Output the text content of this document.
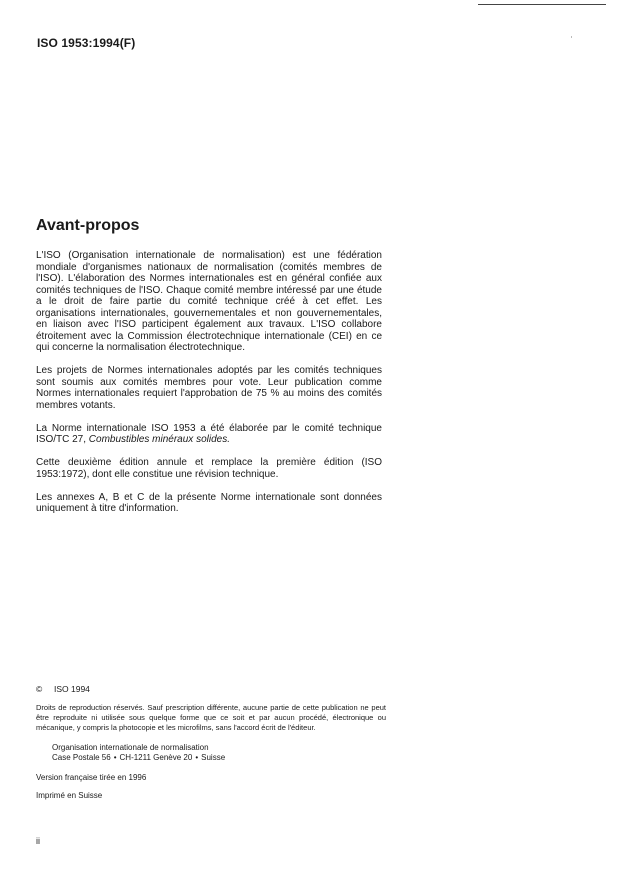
ISO 1953:1994(F)
Avant-propos

L'ISO (Organisation internationale de normalisation) est une fédération mondiale d'organismes nationaux de normalisation (comités membres de l'ISO). L'élaboration des Normes internationales est en général confiée aux comités techniques de l'ISO. Chaque comité membre intéressé par une étude a le droit de faire partie du comité technique créé à cet effet. Les organisations internationales, gouvernementales et non gouvernementales, en liaison avec l'ISO participent également aux travaux. L'ISO collabore étroitement avec la Commission électrotechnique internationale (CEI) en ce qui concerne la normalisation électrotechnique.

Les projets de Normes internationales adoptés par les comités techniques sont soumis aux comités membres pour vote. Leur publication comme Normes internationales requiert l'approbation de 75 % au moins des comités membres votants.

La Norme internationale ISO 1953 a été élaborée par le comité technique ISO/TC 27, Combustibles minéraux solides.

Cette deuxième édition annule et remplace la première édition (ISO 1953:1972), dont elle constitue une révision technique.

Les annexes A, B et C de la présente Norme internationale sont données uniquement à titre d'information.

© ISO 1994

Droits de reproduction réservés. Sauf prescription différente, aucune partie de cette publication ne peut être reproduite ni utilisée sous quelque forme que ce soit et par aucun procédé, électronique ou mécanique, y compris la photocopie et les microfilms, sans l'accord écrit de l'éditeur.

Organisation internationale de normalisation

Case Postale 56 • CH-1211 Genève 20 • Suisse

Version française tirée en 1996

Imprimé en Suisse

ii
